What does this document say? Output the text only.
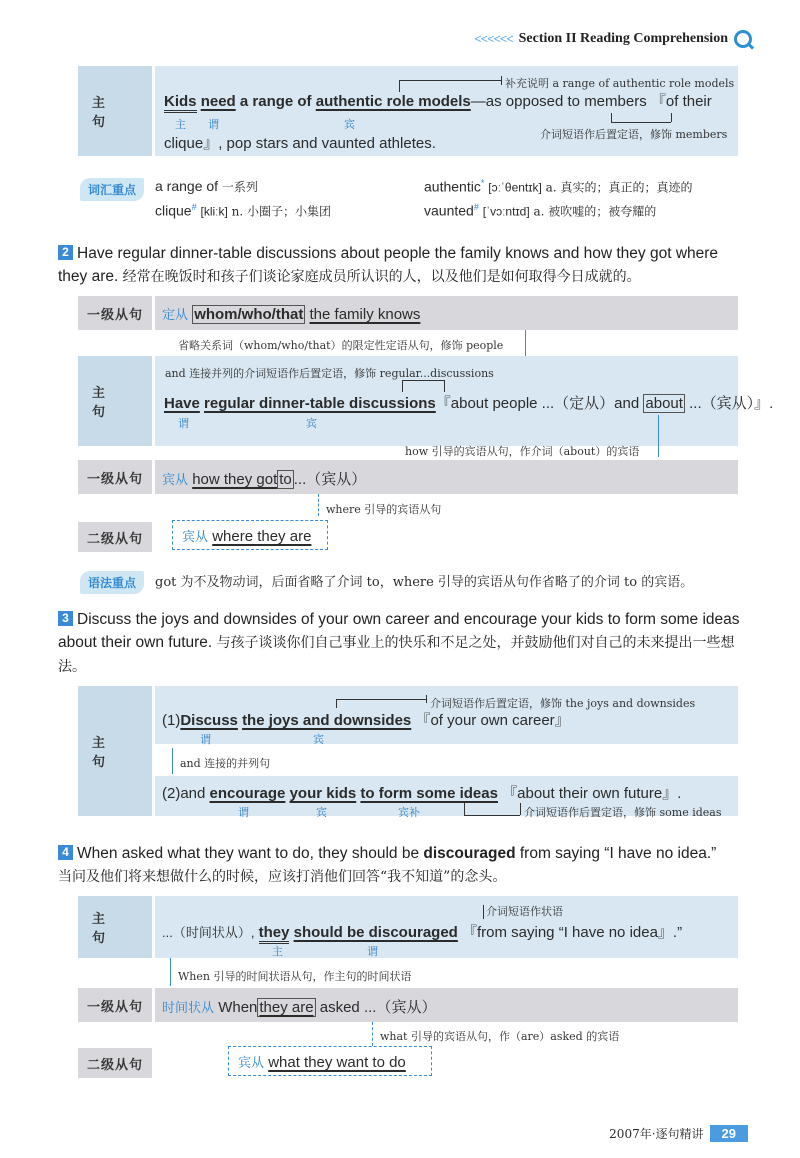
<<<<<< Section II Reading Comprehension
主 句
补充说明 a range of authentic role models
Kids need a range of authentic role models—as opposed to members 『of their
主 谓	宾
介词短语作后置定语，修饰 members
clique』, pop stars and vaunted athletes.
词汇重点	a range of 一系列	authentic* [ɔːˈθentɪk] a. 真实的；真正的；真迹的
clique# [kliːk] n. 小圈子；小集团	vaunted# [ˈvɔːntɪd] a. 被吹嘘的；被夸耀的
2 Have regular dinner-table discussions about people the family knows and how they got where they are. 经常在晚饭时和孩子们谈论家庭成员所认识的人，以及他们是如何取得今日成就的。
一级从句	定从 whom/who/that the family knows
省略关系词（whom/who/that）的限定性定语从句，修饰 people
主 句
and 连接并列的介词短语作后置定语，修饰 regular...discussions
Have regular dinner-table discussions『about people ...（定从）and about ...（宾从）』.
谓	宾
how 引导的宾语从句，作介词（about）的宾语
一级从句	宾从 how they got to ...（宾从）
where 引导的宾语从句
二级从句	宾从 where they are
语法重点	got 为不及物动词，后面省略了介词 to，where 引导的宾语从句作省略了的介词 to 的宾语。
3 Discuss the joys and downsides of your own career and encourage your kids to form some ideas about their own future. 与孩子谈谈你们自己事业上的快乐和不足之处，并鼓励他们对自己的未来提出一些想法。
主 句
介词短语作后置定语，修饰 the joys and downsides
(1)Discuss the joys and downsides 『of your own career』
谓	宾
and 连接的并列句
(2)and encourage your kids to form some ideas 『about their own future』.
谓	宾	宾补	介词短语作后置定语，修饰 some ideas
4 When asked what they want to do, they should be discouraged from saying “I have no idea.”
当问及他们将来想做什么的时候，应该打消他们回答“我不知道”的念头。
主 句
介词短语作状语
...（时间状从）, they should be discouraged 『from saying “I have no idea』.”
主	谓
When 引导的时间状语从句，作主句的时间状语
一级从句	时间状从 When they are asked ...（宾从）
what 引导的宾语从句，作（are）asked 的宾语
二级从句	宾从 what they want to do
2007年·逐句精讲	29
